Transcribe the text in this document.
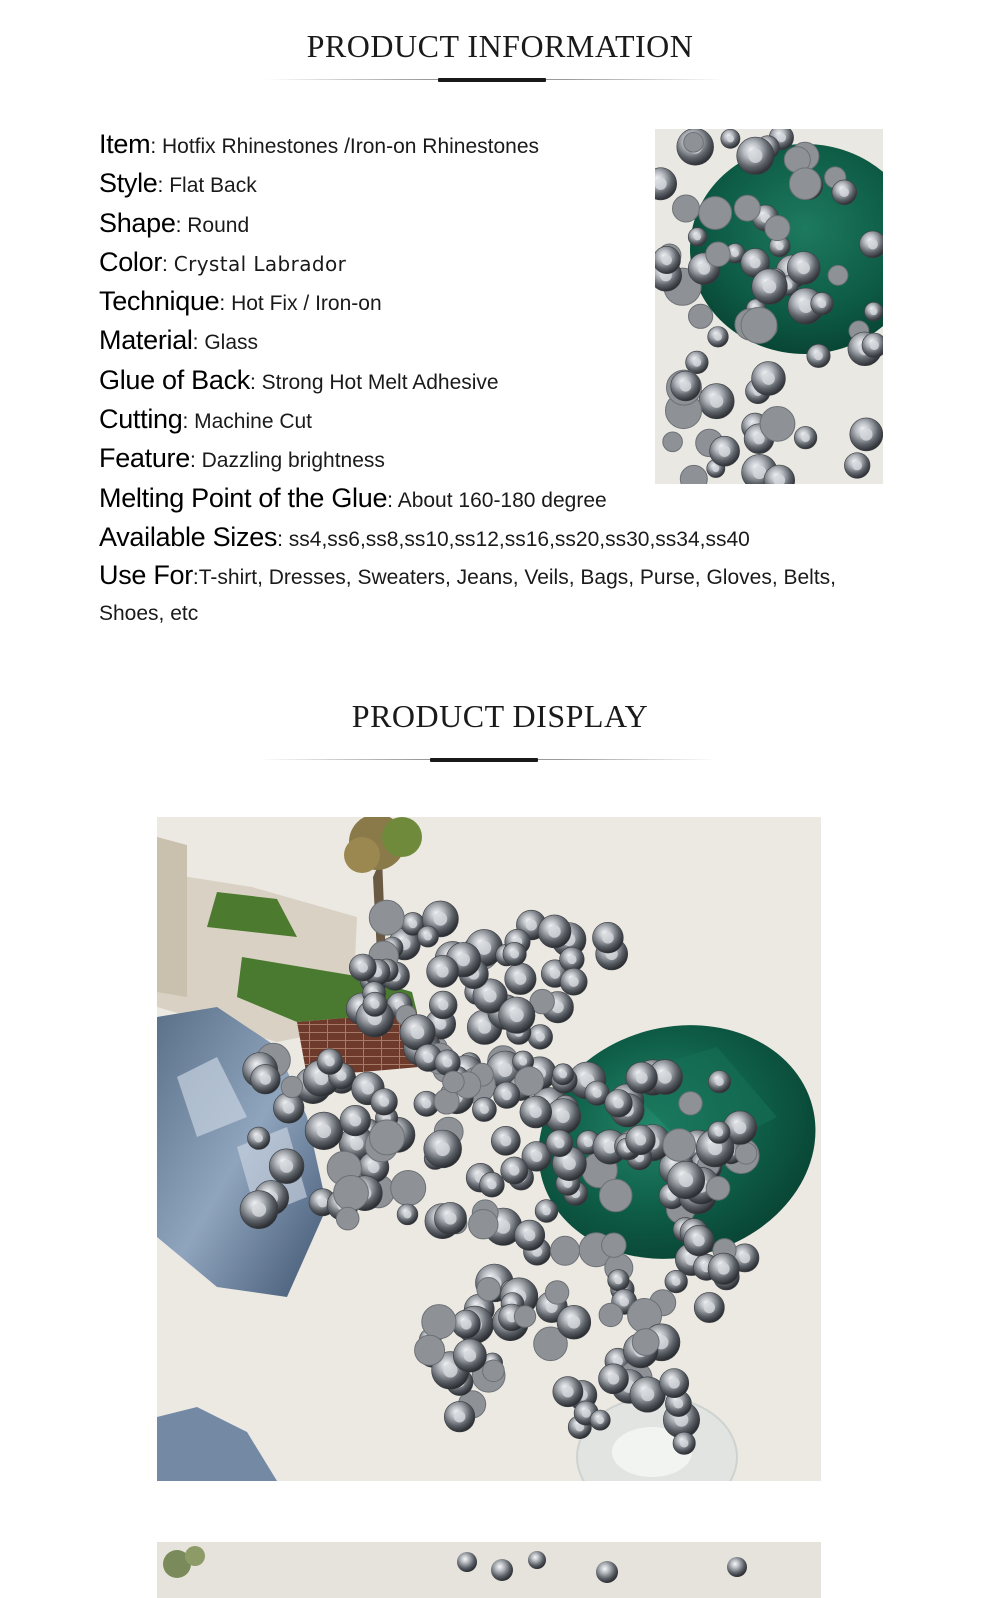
PRODUCT INFORMATION
Item: Hotfix Rhinestones /Iron-on Rhinestones
Style: Flat Back
Shape: Round
Color: Crystal Labrador
Technique: Hot Fix / Iron-on
Material: Glass
Glue of Back: Strong Hot Melt Adhesive
Cutting: Machine Cut
Feature: Dazzling brightness
Melting Point of the Glue: About 160-180 degree
Available Sizes: ss4,ss6,ss8,ss10,ss12,ss16,ss20,ss30,ss34,ss40
Use For:T-shirt, Dresses, Sweaters, Jeans, Veils, Bags, Purse, Gloves, Belts, Shoes, etc
PRODUCT DISPLAY
